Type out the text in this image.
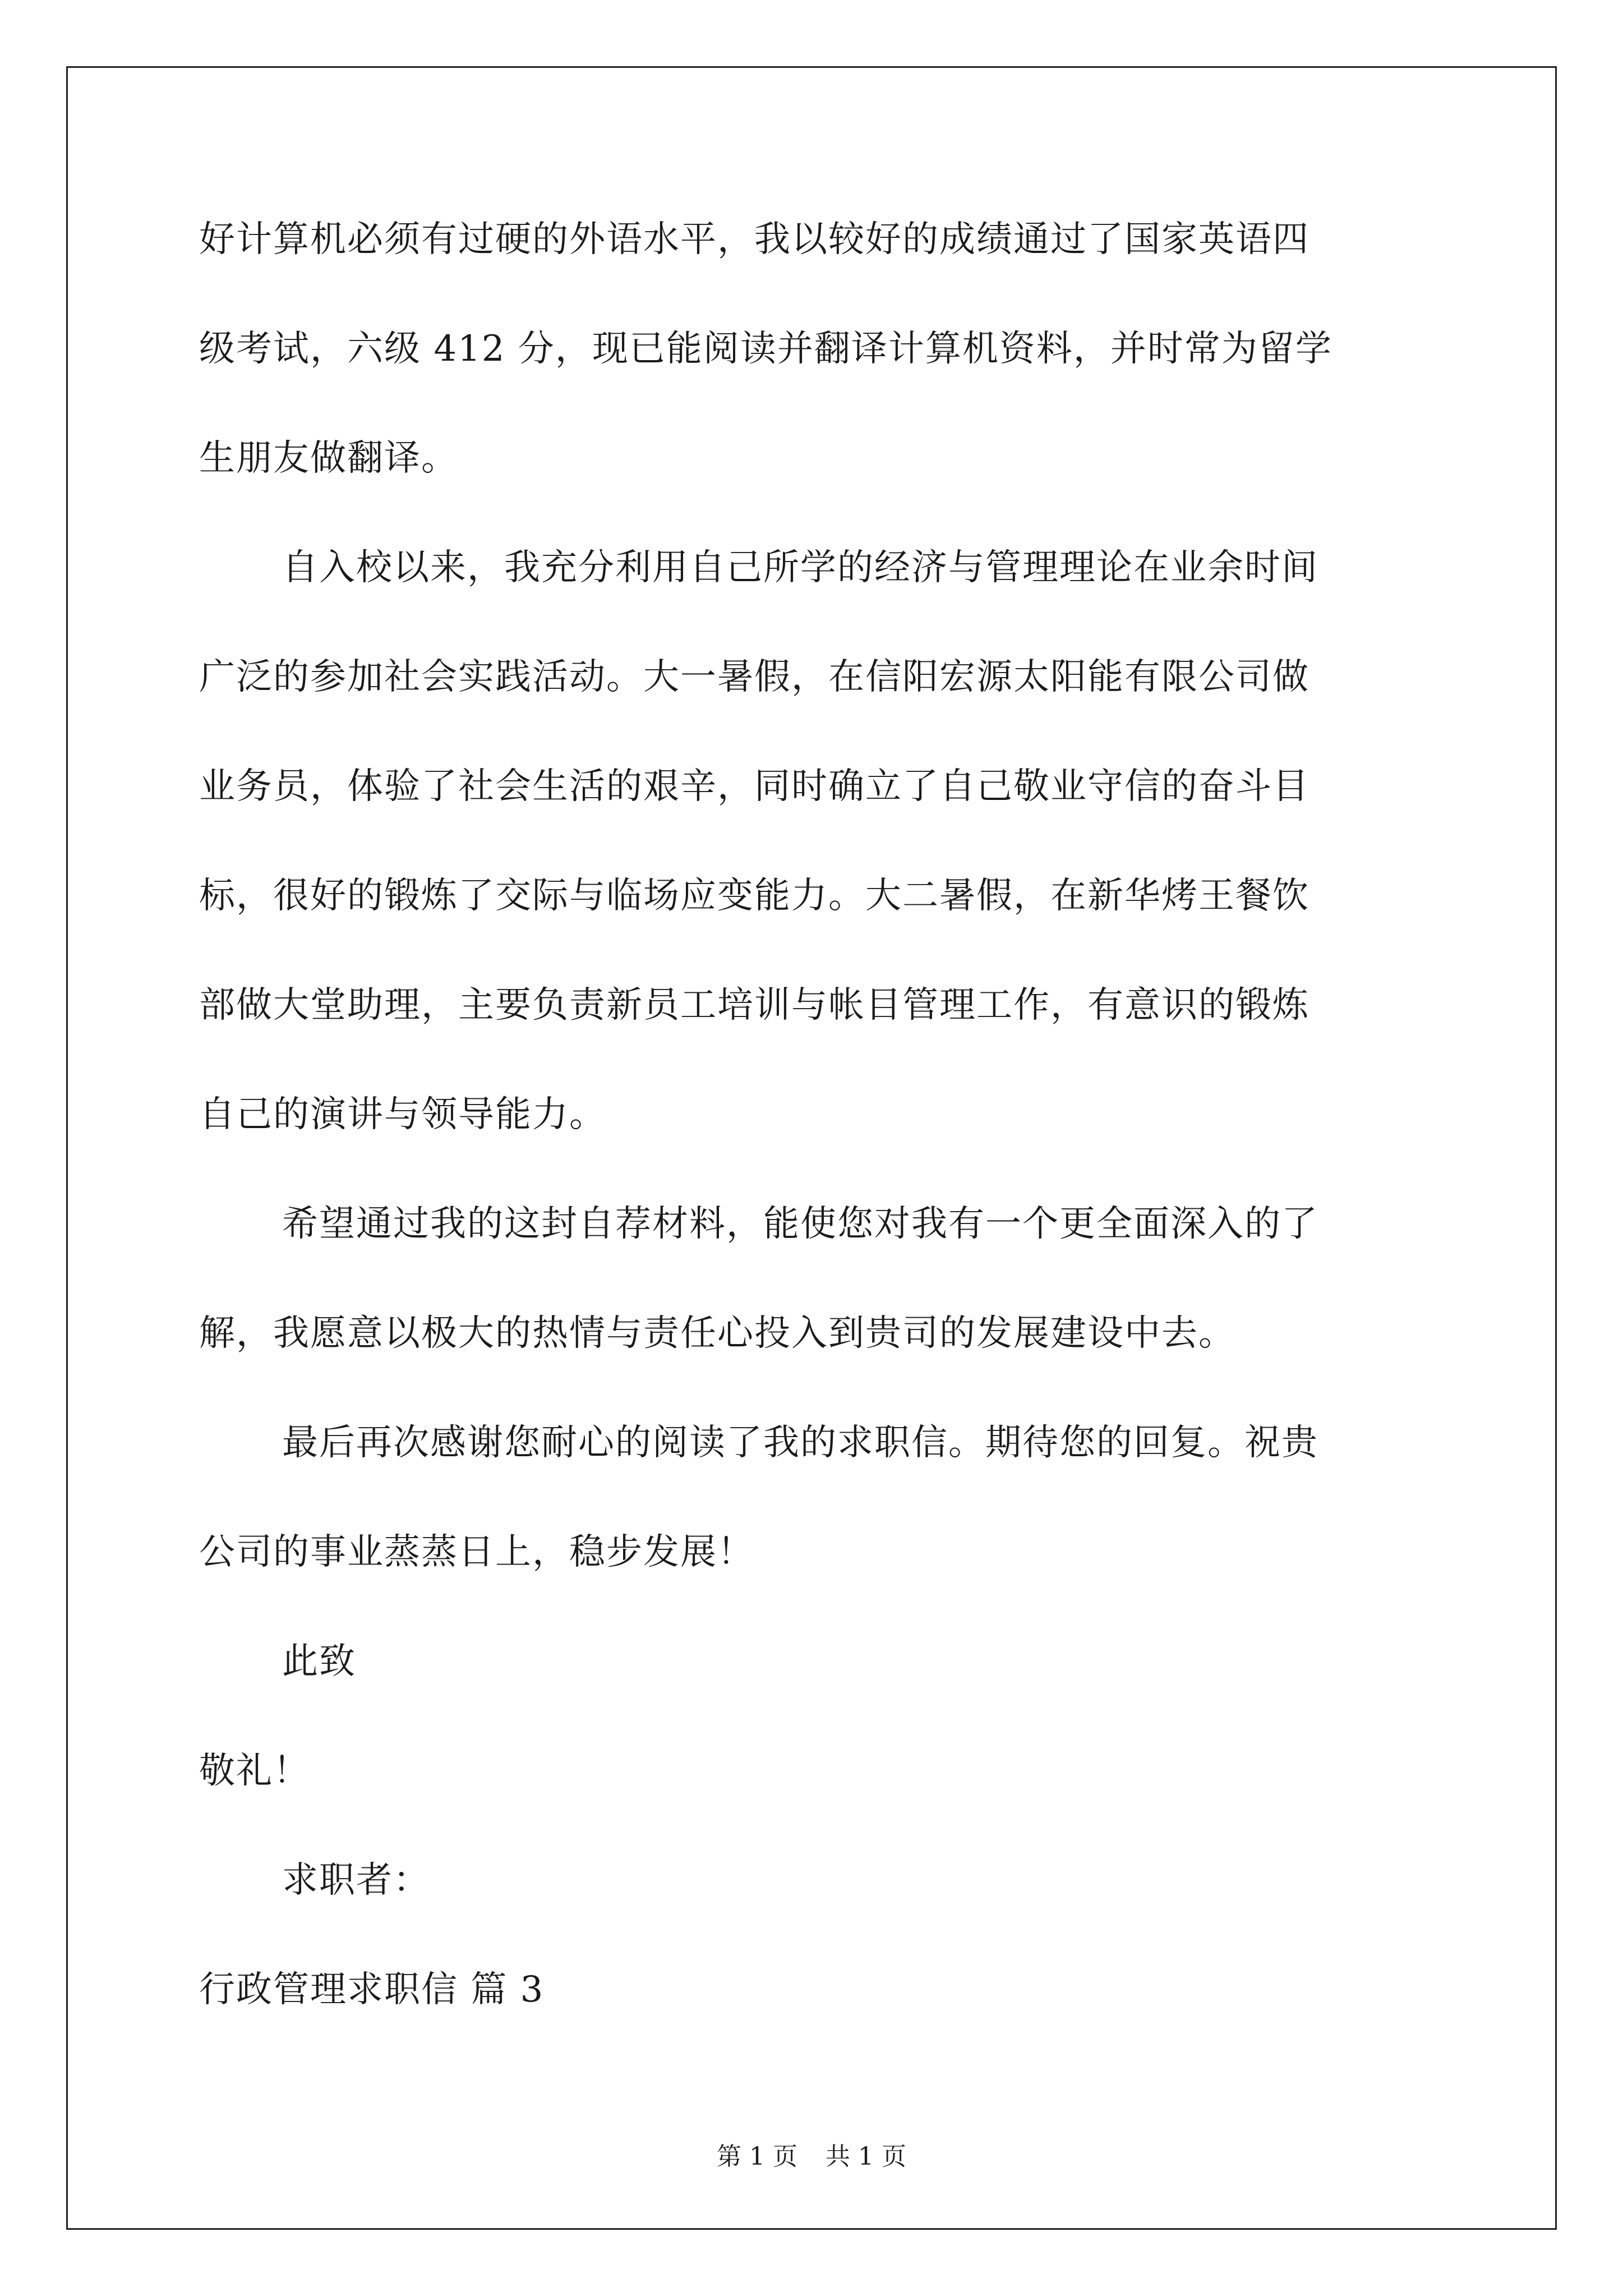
好计算机必须有过硬的外语水平，我以较好的成绩通过了国家英语四
级考试，六级 412 分，现已能阅读并翻译计算机资料，并时常为留学
生朋友做翻译。
自入校以来，我充分利用自己所学的经济与管理理论在业余时间
广泛的参加社会实践活动。大一暑假，在信阳宏源太阳能有限公司做
业务员，体验了社会生活的艰辛，同时确立了自己敬业守信的奋斗目
标，很好的锻炼了交际与临场应变能力。大二暑假，在新华烤王餐饮
部做大堂助理，主要负责新员工培训与帐目管理工作，有意识的锻炼
自己的演讲与领导能力。
希望通过我的这封自荐材料，能使您对我有一个更全面深入的了
解，我愿意以极大的热情与责任心投入到贵司的发展建设中去。
最后再次感谢您耐心的阅读了我的求职信。期待您的回复。祝贵
公司的事业蒸蒸日上，稳步发展！
此致
敬礼！
求职者：
行政管理求职信 篇 3
第 1 页 共 1 页
